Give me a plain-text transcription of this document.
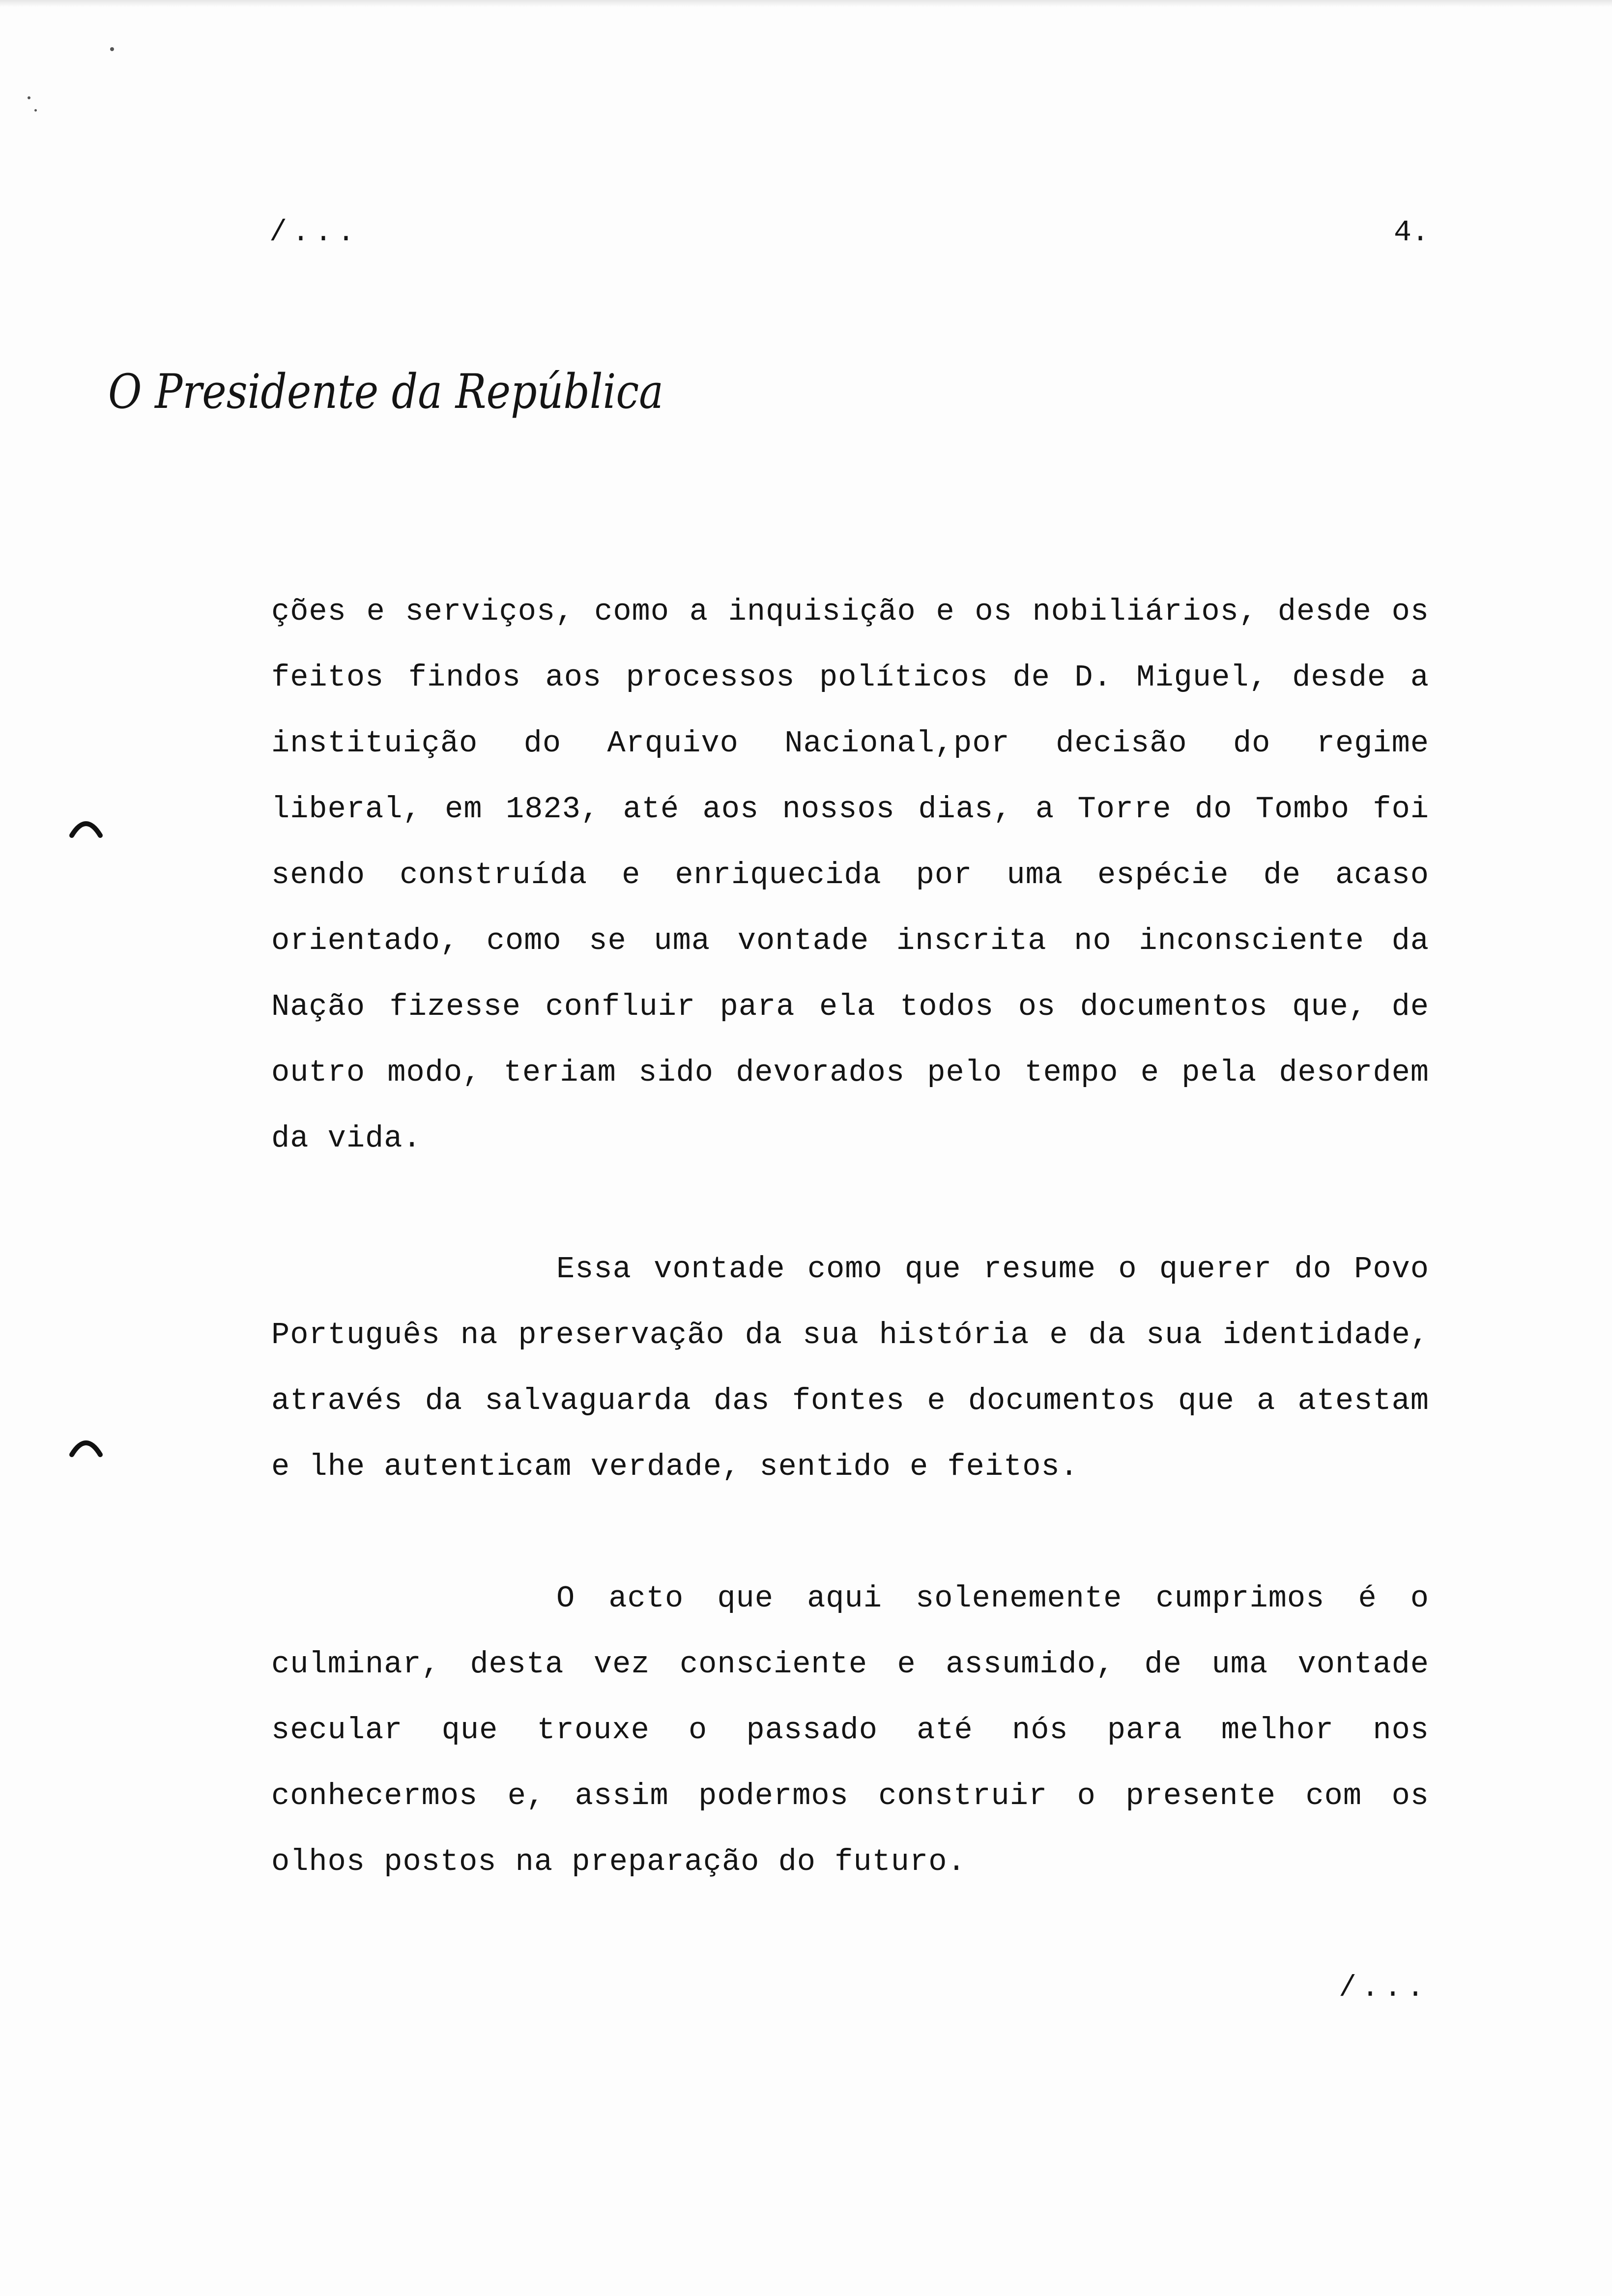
/...	4.
O Presidente da República

ções e serviços, como a inquisição e os nobiliários, desde os feitos findos aos processos políticos de D. Miguel, desde a instituição do Arquivo Nacional,por decisão do regime liberal, em 1823, até aos nossos dias, a Torre do Tombo foi sendo construída e enriquecida por uma espécie de acaso orientado, como se uma vontade inscrita no inconsciente da Nação fizesse confluir para ela todos os documentos que, de outro modo, teriam sido devorados pelo tempo e pela desordem da vida.

Essa vontade como que resume o querer do Povo Português na preservação da sua história e da sua identidade, através da salvaguarda das fontes e documentos que a atestam e lhe autenticam verdade, sentido e feitos.

O acto que aqui solenemente cumprimos é o culminar, desta vez consciente e assumido, de uma vontade secular que trouxe o passado até nós para melhor nos conhecermos e, assim podermos construir o presente com os olhos postos na preparação do futuro.

/...
